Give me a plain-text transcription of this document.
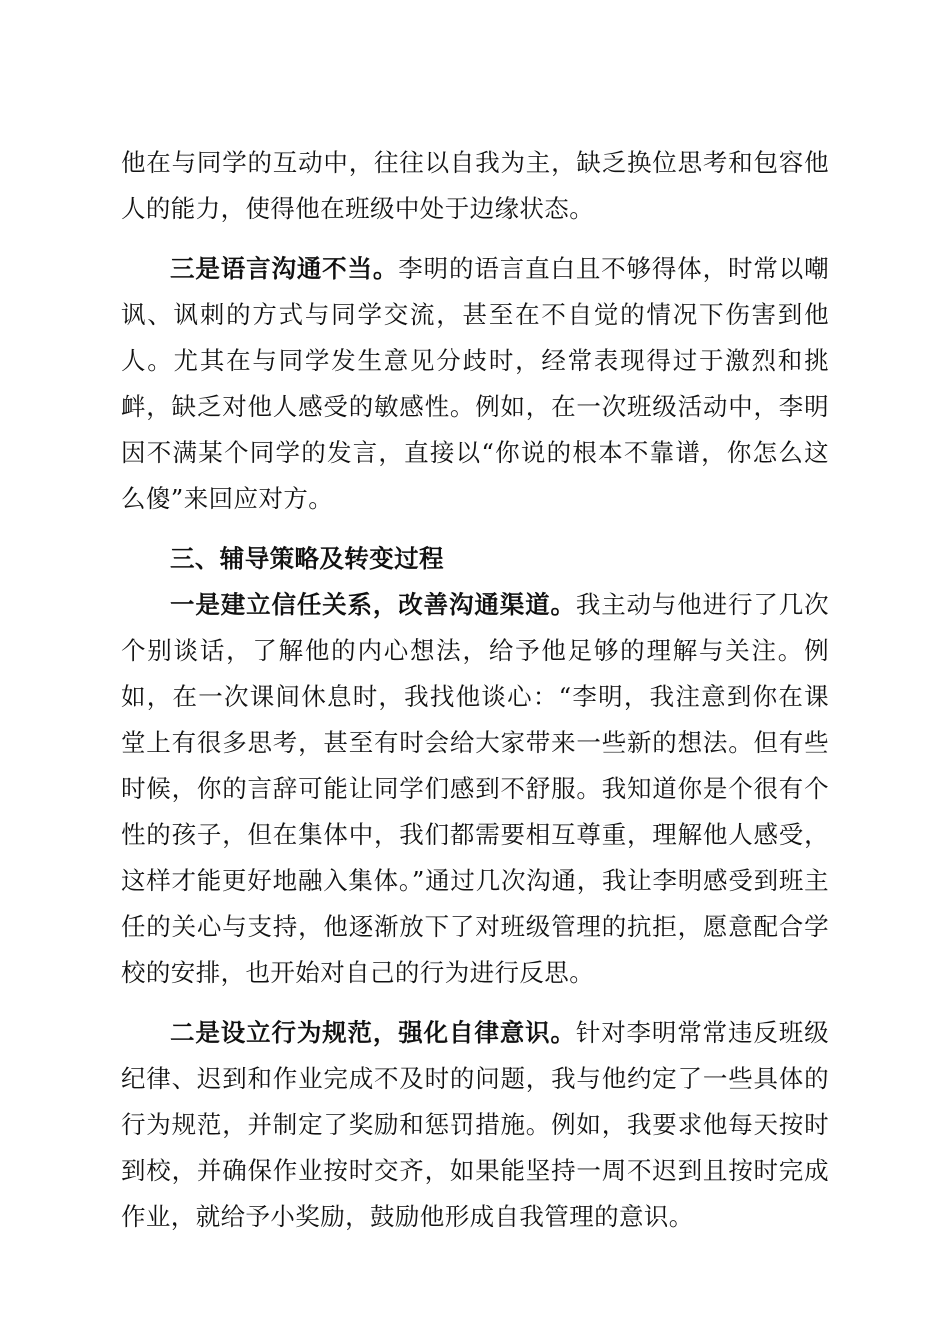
他在与同学的互动中，往往以自我为主，缺乏换位思考和包容他人的能力，使得他在班级中处于边缘状态。

三是语言沟通不当。李明的语言直白且不够得体，时常以嘲讽、讽刺的方式与同学交流，甚至在不自觉的情况下伤害到他人。尤其在与同学发生意见分歧时，经常表现得过于激烈和挑衅，缺乏对他人感受的敏感性。例如，在一次班级活动中，李明因不满某个同学的发言，直接以“你说的根本不靠谱，你怎么这么傻”来回应对方。

三、辅导策略及转变过程

一是建立信任关系，改善沟通渠道。我主动与他进行了几次个别谈话，了解他的内心想法，给予他足够的理解与关注。例如，在一次课间休息时，我找他谈心：“李明，我注意到你在课堂上有很多思考，甚至有时会给大家带来一些新的想法。但有些时候，你的言辞可能让同学们感到不舒服。我知道你是个很有个性的孩子，但在集体中，我们都需要相互尊重，理解他人感受，这样才能更好地融入集体。”通过几次沟通，我让李明感受到班主任的关心与支持，他逐渐放下了对班级管理的抗拒，愿意配合学校的安排，也开始对自己的行为进行反思。

二是设立行为规范，强化自律意识。针对李明常常违反班级纪律、迟到和作业完成不及时的问题，我与他约定了一些具体的行为规范，并制定了奖励和惩罚措施。例如，我要求他每天按时到校，并确保作业按时交齐，如果能坚持一周不迟到且按时完成作业，就给予小奖励，鼓励他形成自我管理的意识。
